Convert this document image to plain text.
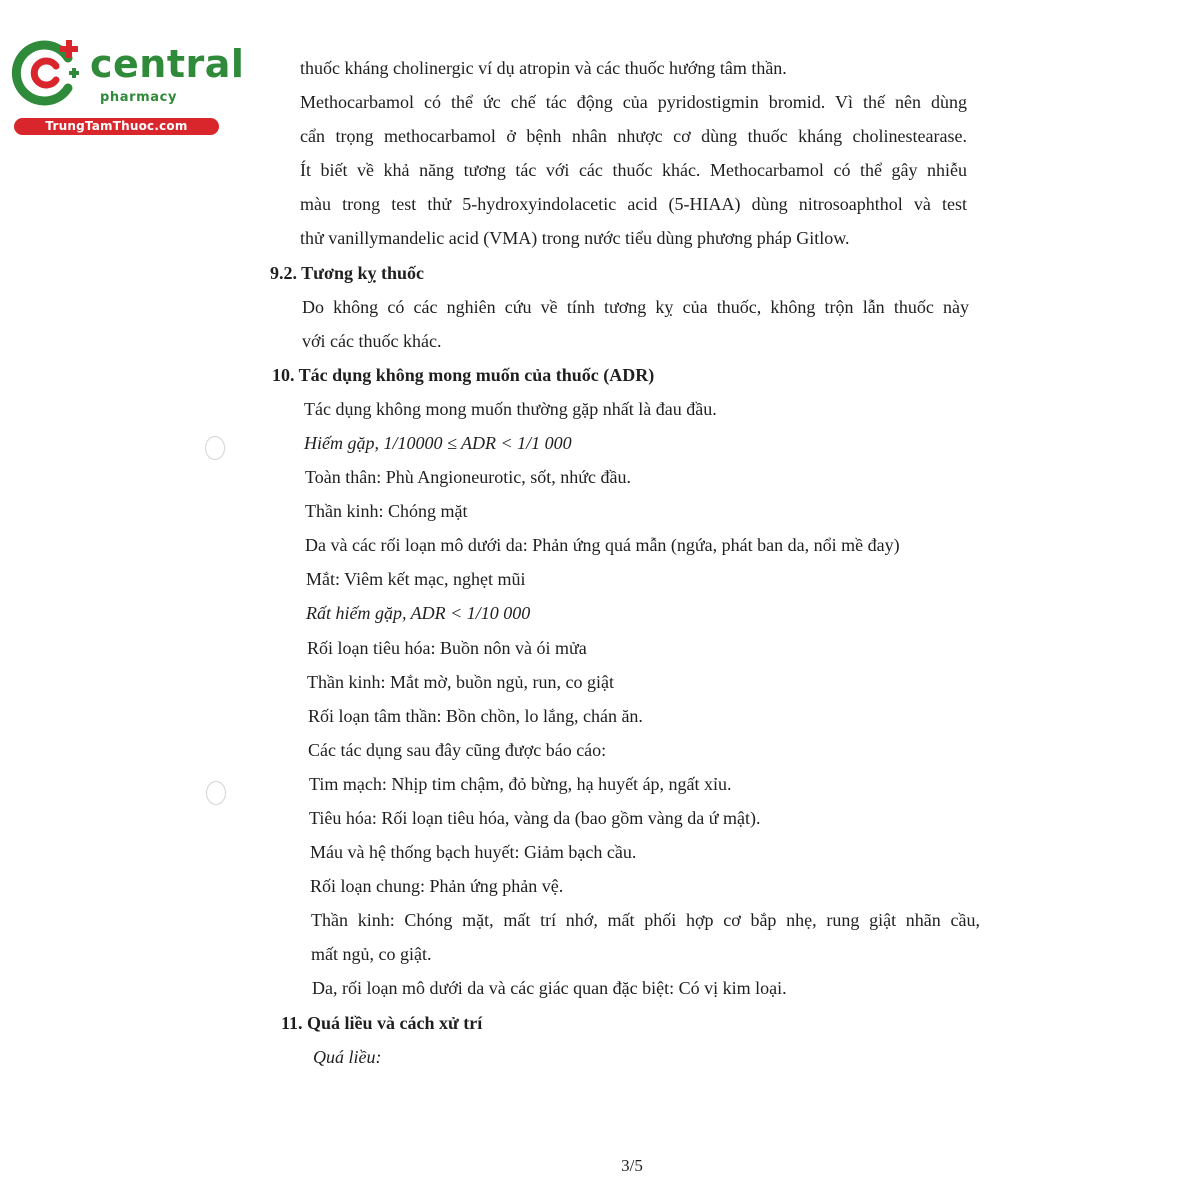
central
pharmacy
TrungTamThuoc.com
thuốc kháng cholinergic ví dụ atropin và các thuốc hướng tâm thần.
Methocarbamol có thể ức chế tác động của pyridostigmin bromid. Vì thế nên dùng
cẩn trọng methocarbamol ở bệnh nhân nhược cơ dùng thuốc kháng cholinestearase.
Ít biết về khả năng tương tác với các thuốc khác. Methocarbamol có thể gây nhiễu
màu trong test thử 5-hydroxyindolacetic acid (5-HIAA) dùng nitrosoaphthol và test
thử vanillymandelic acid (VMA) trong nước tiểu dùng phương pháp Gitlow.
9.2. Tương kỵ thuốc
Do không có các nghiên cứu về tính tương kỵ của thuốc, không trộn lẫn thuốc này
với các thuốc khác.
10. Tác dụng không mong muốn của thuốc (ADR)
Tác dụng không mong muốn thường gặp nhất là đau đầu.
Hiếm gặp, 1/10000 ≤ ADR < 1/1 000
Toàn thân: Phù Angioneurotic, sốt, nhức đầu.
Thần kinh: Chóng mặt
Da và các rối loạn mô dưới da: Phản ứng quá mẫn (ngứa, phát ban da, nổi mề đay)
Mắt: Viêm kết mạc, nghẹt mũi
Rất hiếm gặp, ADR < 1/10 000
Rối loạn tiêu hóa: Buồn nôn và ói mửa
Thần kinh: Mắt mờ, buồn ngủ, run, co giật
Rối loạn tâm thần: Bồn chồn, lo lắng, chán ăn.
Các tác dụng sau đây cũng được báo cáo:
Tim mạch: Nhịp tim chậm, đỏ bừng, hạ huyết áp, ngất xỉu.
Tiêu hóa: Rối loạn tiêu hóa, vàng da (bao gồm vàng da ứ mật).
Máu và hệ thống bạch huyết: Giảm bạch cầu.
Rối loạn chung: Phản ứng phản vệ.
Thần kinh: Chóng mặt, mất trí nhớ, mất phối hợp cơ bắp nhẹ, rung giật nhãn cầu,
mất ngủ, co giật.
Da, rối loạn mô dưới da và các giác quan đặc biệt: Có vị kim loại.
11. Quá liều và cách xử trí
Quá liều:
3/5
